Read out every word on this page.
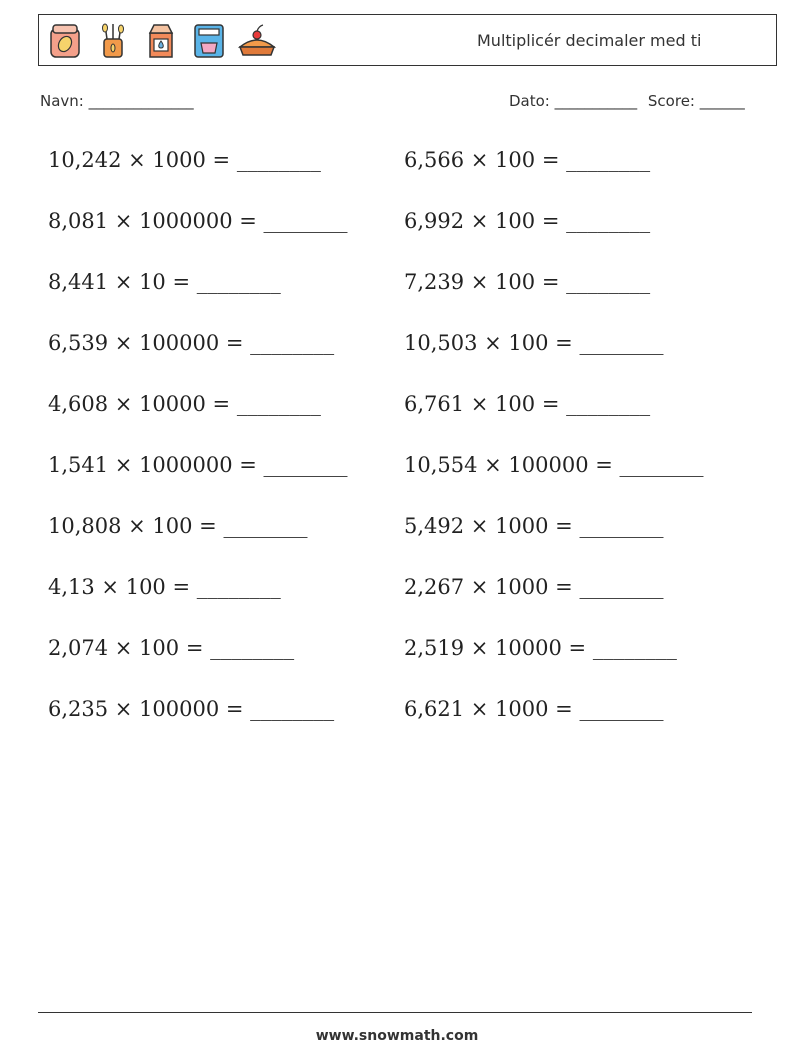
Multiplicér decimaler med ti
Navn: ______________	Dato: ___________ Score: ______
10,242 × 1000 = ________
8,081 × 1000000 = ________
8,441 × 10 = ________
6,539 × 100000 = ________
4,608 × 10000 = ________
1,541 × 1000000 = ________
10,808 × 100 = ________
4,13 × 100 = ________
2,074 × 100 = ________
6,235 × 100000 = ________
6,566 × 100 = ________
6,992 × 100 = ________
7,239 × 100 = ________
10,503 × 100 = ________
6,761 × 100 = ________
10,554 × 100000 = ________
5,492 × 1000 = ________
2,267 × 1000 = ________
2,519 × 10000 = ________
6,621 × 1000 = ________
www.snowmath.com
